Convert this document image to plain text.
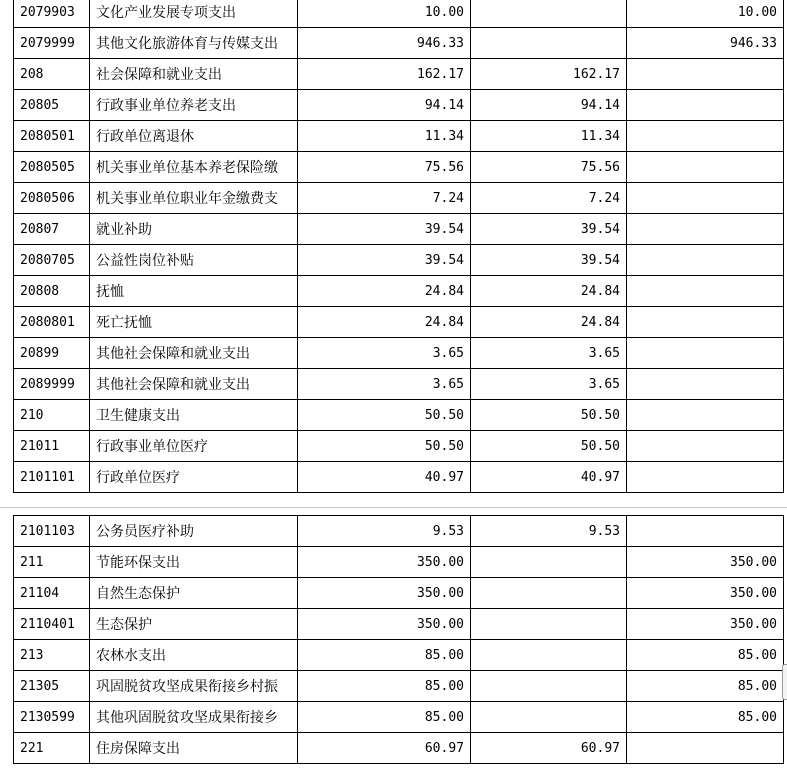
2079903	文化产业发展专项支出	10.00		10.00
2079999	其他文化旅游体育与传媒支出	946.33		946.33
208	社会保障和就业支出	162.17	162.17	
20805	行政事业单位养老支出	94.14	94.14	
2080501	行政单位离退休	11.34	11.34	
2080505	机关事业单位基本养老保险缴	75.56	75.56	
2080506	机关事业单位职业年金缴费支	7.24	7.24	
20807	就业补助	39.54	39.54	
2080705	公益性岗位补贴	39.54	39.54	
20808	抚恤	24.84	24.84	
2080801	死亡抚恤	24.84	24.84	
20899	其他社会保障和就业支出	3.65	3.65	
2089999	其他社会保障和就业支出	3.65	3.65	
210	卫生健康支出	50.50	50.50	
21011	行政事业单位医疗	50.50	50.50	
2101101	行政单位医疗	40.97	40.97	
2101103	公务员医疗补助	9.53	9.53	
211	节能环保支出	350.00		350.00
21104	自然生态保护	350.00		350.00
2110401	生态保护	350.00		350.00
213	农林水支出	85.00		85.00
21305	巩固脱贫攻坚成果衔接乡村振	85.00		85.00
2130599	其他巩固脱贫攻坚成果衔接乡	85.00		85.00
221	住房保障支出	60.97	60.97	
